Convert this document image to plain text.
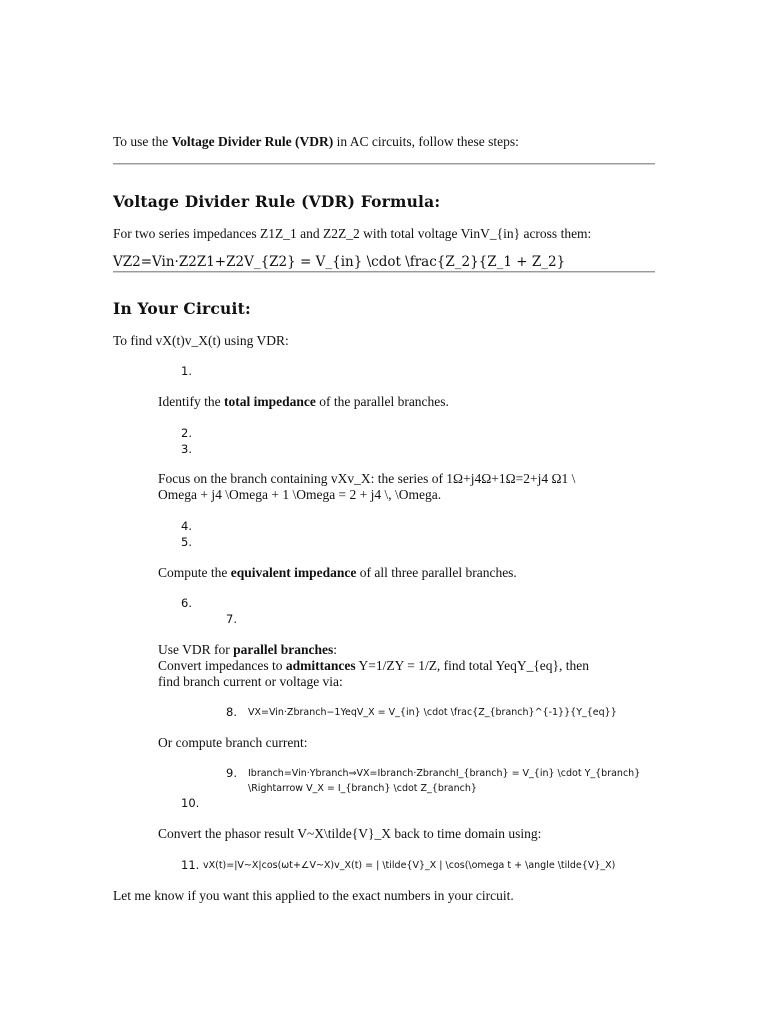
To use the Voltage Divider Rule (VDR) in AC circuits, follow these steps:
Voltage Divider Rule (VDR) Formula:
For two series impedances Z1Z_1 and Z2Z_2 with total voltage VinV_{in} across them:
VZ2=Vin·Z2Z1+Z2V_{Z2} = V_{in} \cdot \frac{Z_2}{Z_1 + Z_2}
In Your Circuit:
To find vX(t)v_X(t) using VDR:
1.
Identify the total impedance of the parallel branches.
2.
3.
Focus on the branch containing vXv_X: the series of 1Ω+j4Ω+1Ω=2+j4 Ω1 \
Omega + j4 \Omega + 1 \Omega = 2 + j4 \, \Omega.
4.
5.
Compute the equivalent impedance of all three parallel branches.
6.
7.
Use VDR for parallel branches:
Convert impedances to admittances Y=1/ZY = 1/Z, find total YeqY_{eq}, then
find branch current or voltage via:
8. VX=Vin·Zbranch−1YeqV_X = V_{in} \cdot \frac{Z_{branch}^{-1}}{Y_{eq}}
Or compute branch current:
9. Ibranch=Vin·Ybranch⇒VX=Ibranch·ZbranchI_{branch} = V_{in} \cdot Y_{branch}
\Rightarrow V_X = I_{branch} \cdot Z_{branch}
10.
Convert the phasor result V~X\tilde{V}_X back to time domain using:
11. vX(t)=|V~X|cos(ωt+∠V~X)v_X(t) = | \tilde{V}_X | \cos(\omega t + \angle \tilde{V}_X)
Let me know if you want this applied to the exact numbers in your circuit.
